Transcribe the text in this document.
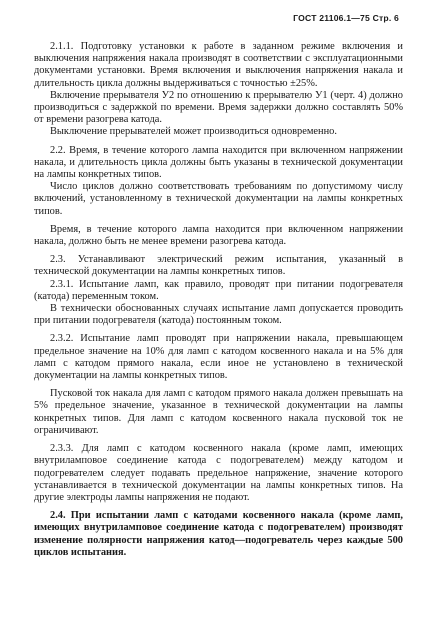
ГОСТ 21106.1—75 Стр. 6

2.1.1. Подготовку установки к работе в заданном режиме включения и выключения напряжения накала производят в соответствии с эксплуатационными документами установки. Время включения и выключения напряжения накала и длительность цикла должны выдерживаться с точностью ±25%.

Включение прерывателя У2 по отношению к прерывателю У1 (черт. 4) должно производиться с задержкой по времени. Время задержки должно составлять 50% от времени разогрева катода.

Выключение прерывателей может производиться одновременно.

2.2. Время, в течение которого лампа находится при включенном напряжении накала, и длительность цикла должны быть указаны в технической документации на лампы конкретных типов.

Число циклов должно соответствовать требованиям по допустимому числу включений, установленному в технической документации на лампы конкретных типов.

Время, в течение которого лампа находится при включенном напряжении накала, должно быть не менее времени разогрева катода.

2.3. Устанавливают электрический режим испытания, указанный в технической документации на лампы конкретных типов.

2.3.1. Испытание ламп, как правило, проводят при питании подогревателя (катода) переменным током.

В технически обоснованных случаях испытание ламп допускается проводить при питании подогревателя (катода) постоянным током.

2.3.2. Испытание ламп проводят при напряжении накала, превышающем предельное значение на 10% для ламп с катодом косвенного накала и на 5% для ламп с катодом прямого накала, если иное не установлено в технической документации на лампы конкретных типов.

Пусковой ток накала для ламп с катодом прямого накала должен превышать на 5% предельное значение, указанное в технической документации на лампы конкретных типов. Для ламп с катодом косвенного накала пусковой ток не ограничивают.

2.3.3. Для ламп с катодом косвенного накала (кроме ламп, имеющих внутриламповое соединение катода с подогревателем) между катодом и подогревателем следует подавать предельное напряжение, значение которого устанавливается в технической документации на лампы конкретных типов. На другие электроды лампы напряжения не подают.

2.4. При испытании ламп с катодами косвенного накала (кроме ламп, имеющих внутриламповое соединение катода с подогревателем) производят изменение полярности напряжения катод—подогреватель через каждые 500 циклов испытания.
